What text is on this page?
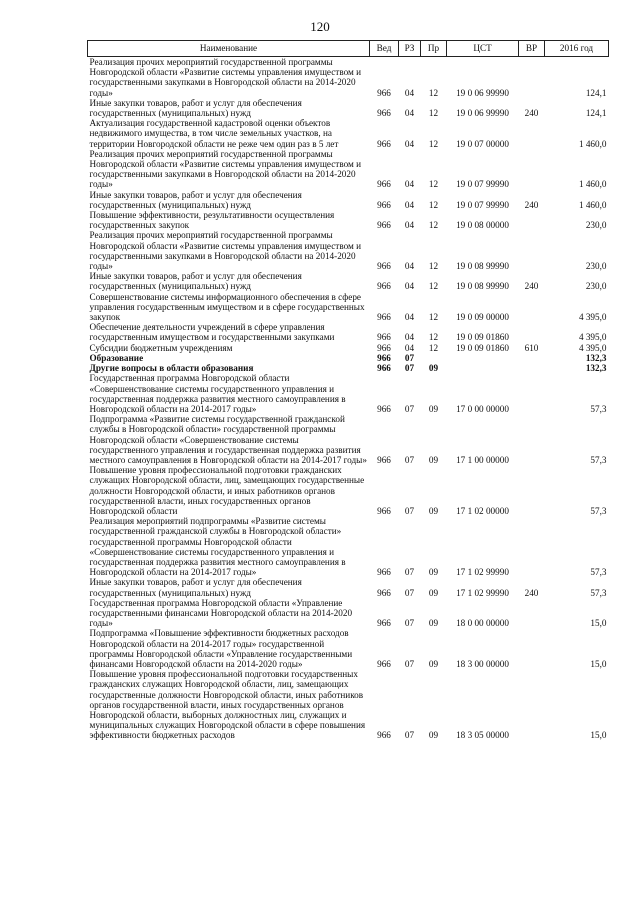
120
Наименование	Вед	РЗ	Пр	ЦСТ	ВР	2016 год
Реализация прочих мероприятий государственной программы Новгородской области «Развитие системы управления имуществом и государственными закупками в Новгородской области на 2014-2020 годы»	966	04	12	19 0 06 99990		124,1
Иные закупки товаров, работ и услуг для обеспечения государственных (муниципальных) нужд	966	04	12	19 0 06 99990	240	124,1
Актуализация государственной кадастровой оценки объектов недвижимого имущества, в том числе земельных участков, на территории Новгородской области не реже чем один раз в 5 лет	966	04	12	19 0 07 00000		1 460,0
Реализация прочих мероприятий государственной программы Новгородской области «Развитие системы управления имуществом и государственными закупками в Новгородской области на 2014-2020 годы»	966	04	12	19 0 07 99990		1 460,0
Иные закупки товаров, работ и услуг для обеспечения государственных (муниципальных) нужд	966	04	12	19 0 07 99990	240	1 460,0
Повышение эффективности, результативности осуществления государственных закупок	966	04	12	19 0 08 00000		230,0
Реализация прочих мероприятий государственной программы Новгородской области «Развитие системы управления имуществом и государственными закупками в Новгородской области на 2014-2020 годы»	966	04	12	19 0 08 99990		230,0
Иные закупки товаров, работ и услуг для обеспечения государственных (муниципальных) нужд	966	04	12	19 0 08 99990	240	230,0
Совершенствование системы информационного обеспечения в сфере управления государственным имуществом и в сфере государственных закупок	966	04	12	19 0 09 00000		4 395,0
Обеспечение деятельности учреждений в сфере управления государственным имуществом и государственными закупками	966	04	12	19 0 09 01860		4 395,0
Субсидии бюджетным учреждениям	966	04	12	19 0 09 01860	610	4 395,0
Образование	966	07				132,3
Другие вопросы в области образования	966	07	09			132,3
Государственная программа Новгородской области «Совершенствование системы государственного управления и государственная поддержка развития местного самоуправления в Новгородской области на 2014-2017 годы»	966	07	09	17 0 00 00000		57,3
Подпрограмма «Развитие системы государственной гражданской службы в Новгородской области» государственной программы Новгородской области «Совершенствование системы государственного управления и государственная поддержка развития местного самоуправления в Новгородской области на 2014-2017 годы»	966	07	09	17 1 00 00000		57,3
Повышение уровня профессиональной подготовки гражданских служащих Новгородской области, лиц, замещающих государственные должности Новгородской области, и иных работников органов государственной власти, иных государственных органов Новгородской области	966	07	09	17 1 02 00000		57,3
Реализация мероприятий подпрограммы «Развитие системы государственной гражданской службы в Новгородской области» государственной программы Новгородской области «Совершенствование системы государственного управления и государственная поддержка развития местного самоуправления в Новгородской области на 2014-2017 годы»	966	07	09	17 1 02 99990		57,3
Иные закупки товаров, работ и услуг для обеспечения государственных (муниципальных) нужд	966	07	09	17 1 02 99990	240	57,3
Государственная программа Новгородской области «Управление государственными финансами Новгородской области на 2014-2020 годы»	966	07	09	18 0 00 00000		15,0
Подпрограмма «Повышение эффективности бюджетных расходов Новгородской области на 2014-2017 годы» государственной программы Новгородской области «Управление государственными финансами Новгородской области на 2014-2020 годы»	966	07	09	18 3 00 00000		15,0
Повышение уровня профессиональной подготовки государственных гражданских служащих Новгородской области, лиц, замещающих государственные должности Новгородской области, иных работников органов государственной власти, иных государственных органов Новгородской области, выборных должностных лиц, служащих и муниципальных служащих Новгородской области в сфере повышения эффективности бюджетных расходов	966	07	09	18 3 05 00000		15,0
